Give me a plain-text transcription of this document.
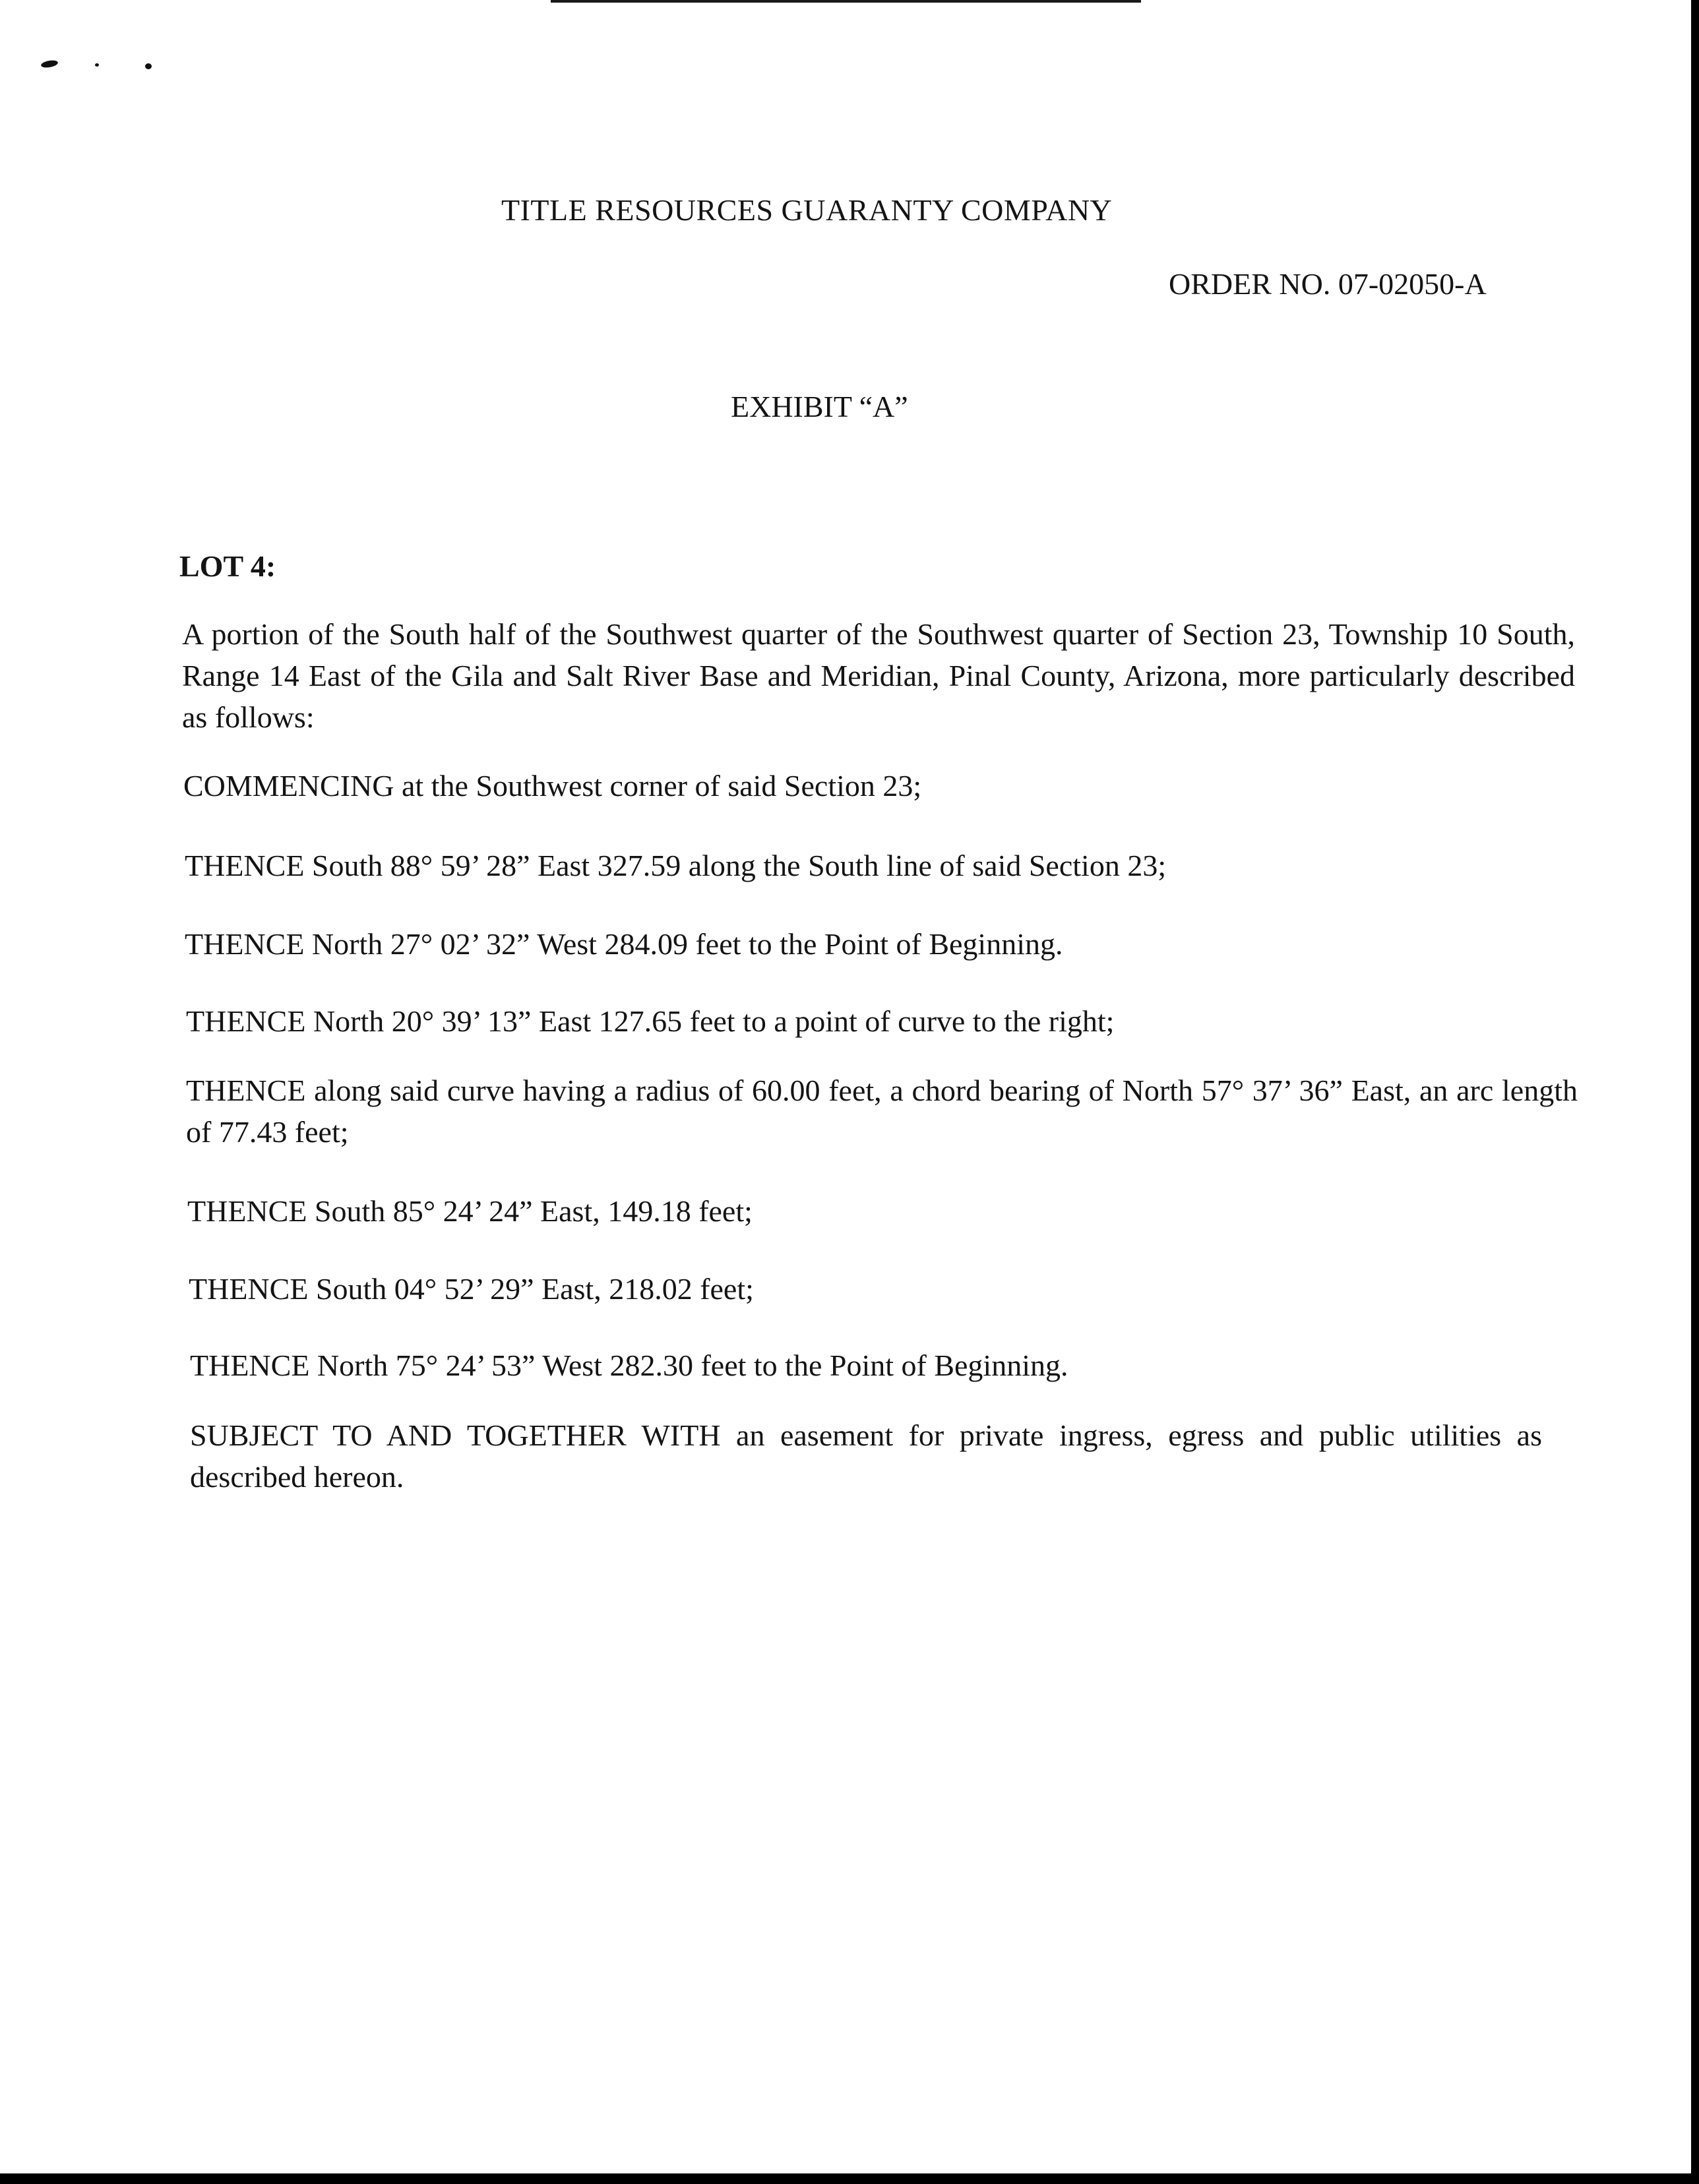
TITLE RESOURCES GUARANTY COMPANY
ORDER NO. 07-02050-A
EXHIBIT “A”
LOT 4:
A portion of the South half of the Southwest quarter of the Southwest quarter of Section 23, Township 10 South, Range 14 East of the Gila and Salt River Base and Meridian, Pinal County, Arizona, more particularly described as follows:
COMMENCING at the Southwest corner of said Section 23;
THENCE South 88° 59’ 28” East 327.59 along the South line of said Section 23;
THENCE North 27° 02’ 32” West 284.09 feet to the Point of Beginning.
THENCE North 20° 39’ 13” East 127.65 feet to a point of curve to the right;
THENCE along said curve having a radius of 60.00 feet, a chord bearing of North 57° 37’ 36” East, an arc length of 77.43 feet;
THENCE South 85° 24’ 24” East, 149.18 feet;
THENCE South 04° 52’ 29” East, 218.02 feet;
THENCE North 75° 24’ 53” West 282.30 feet to the Point of Beginning.
SUBJECT TO AND TOGETHER WITH an easement for private ingress, egress and public utilities as described hereon.
